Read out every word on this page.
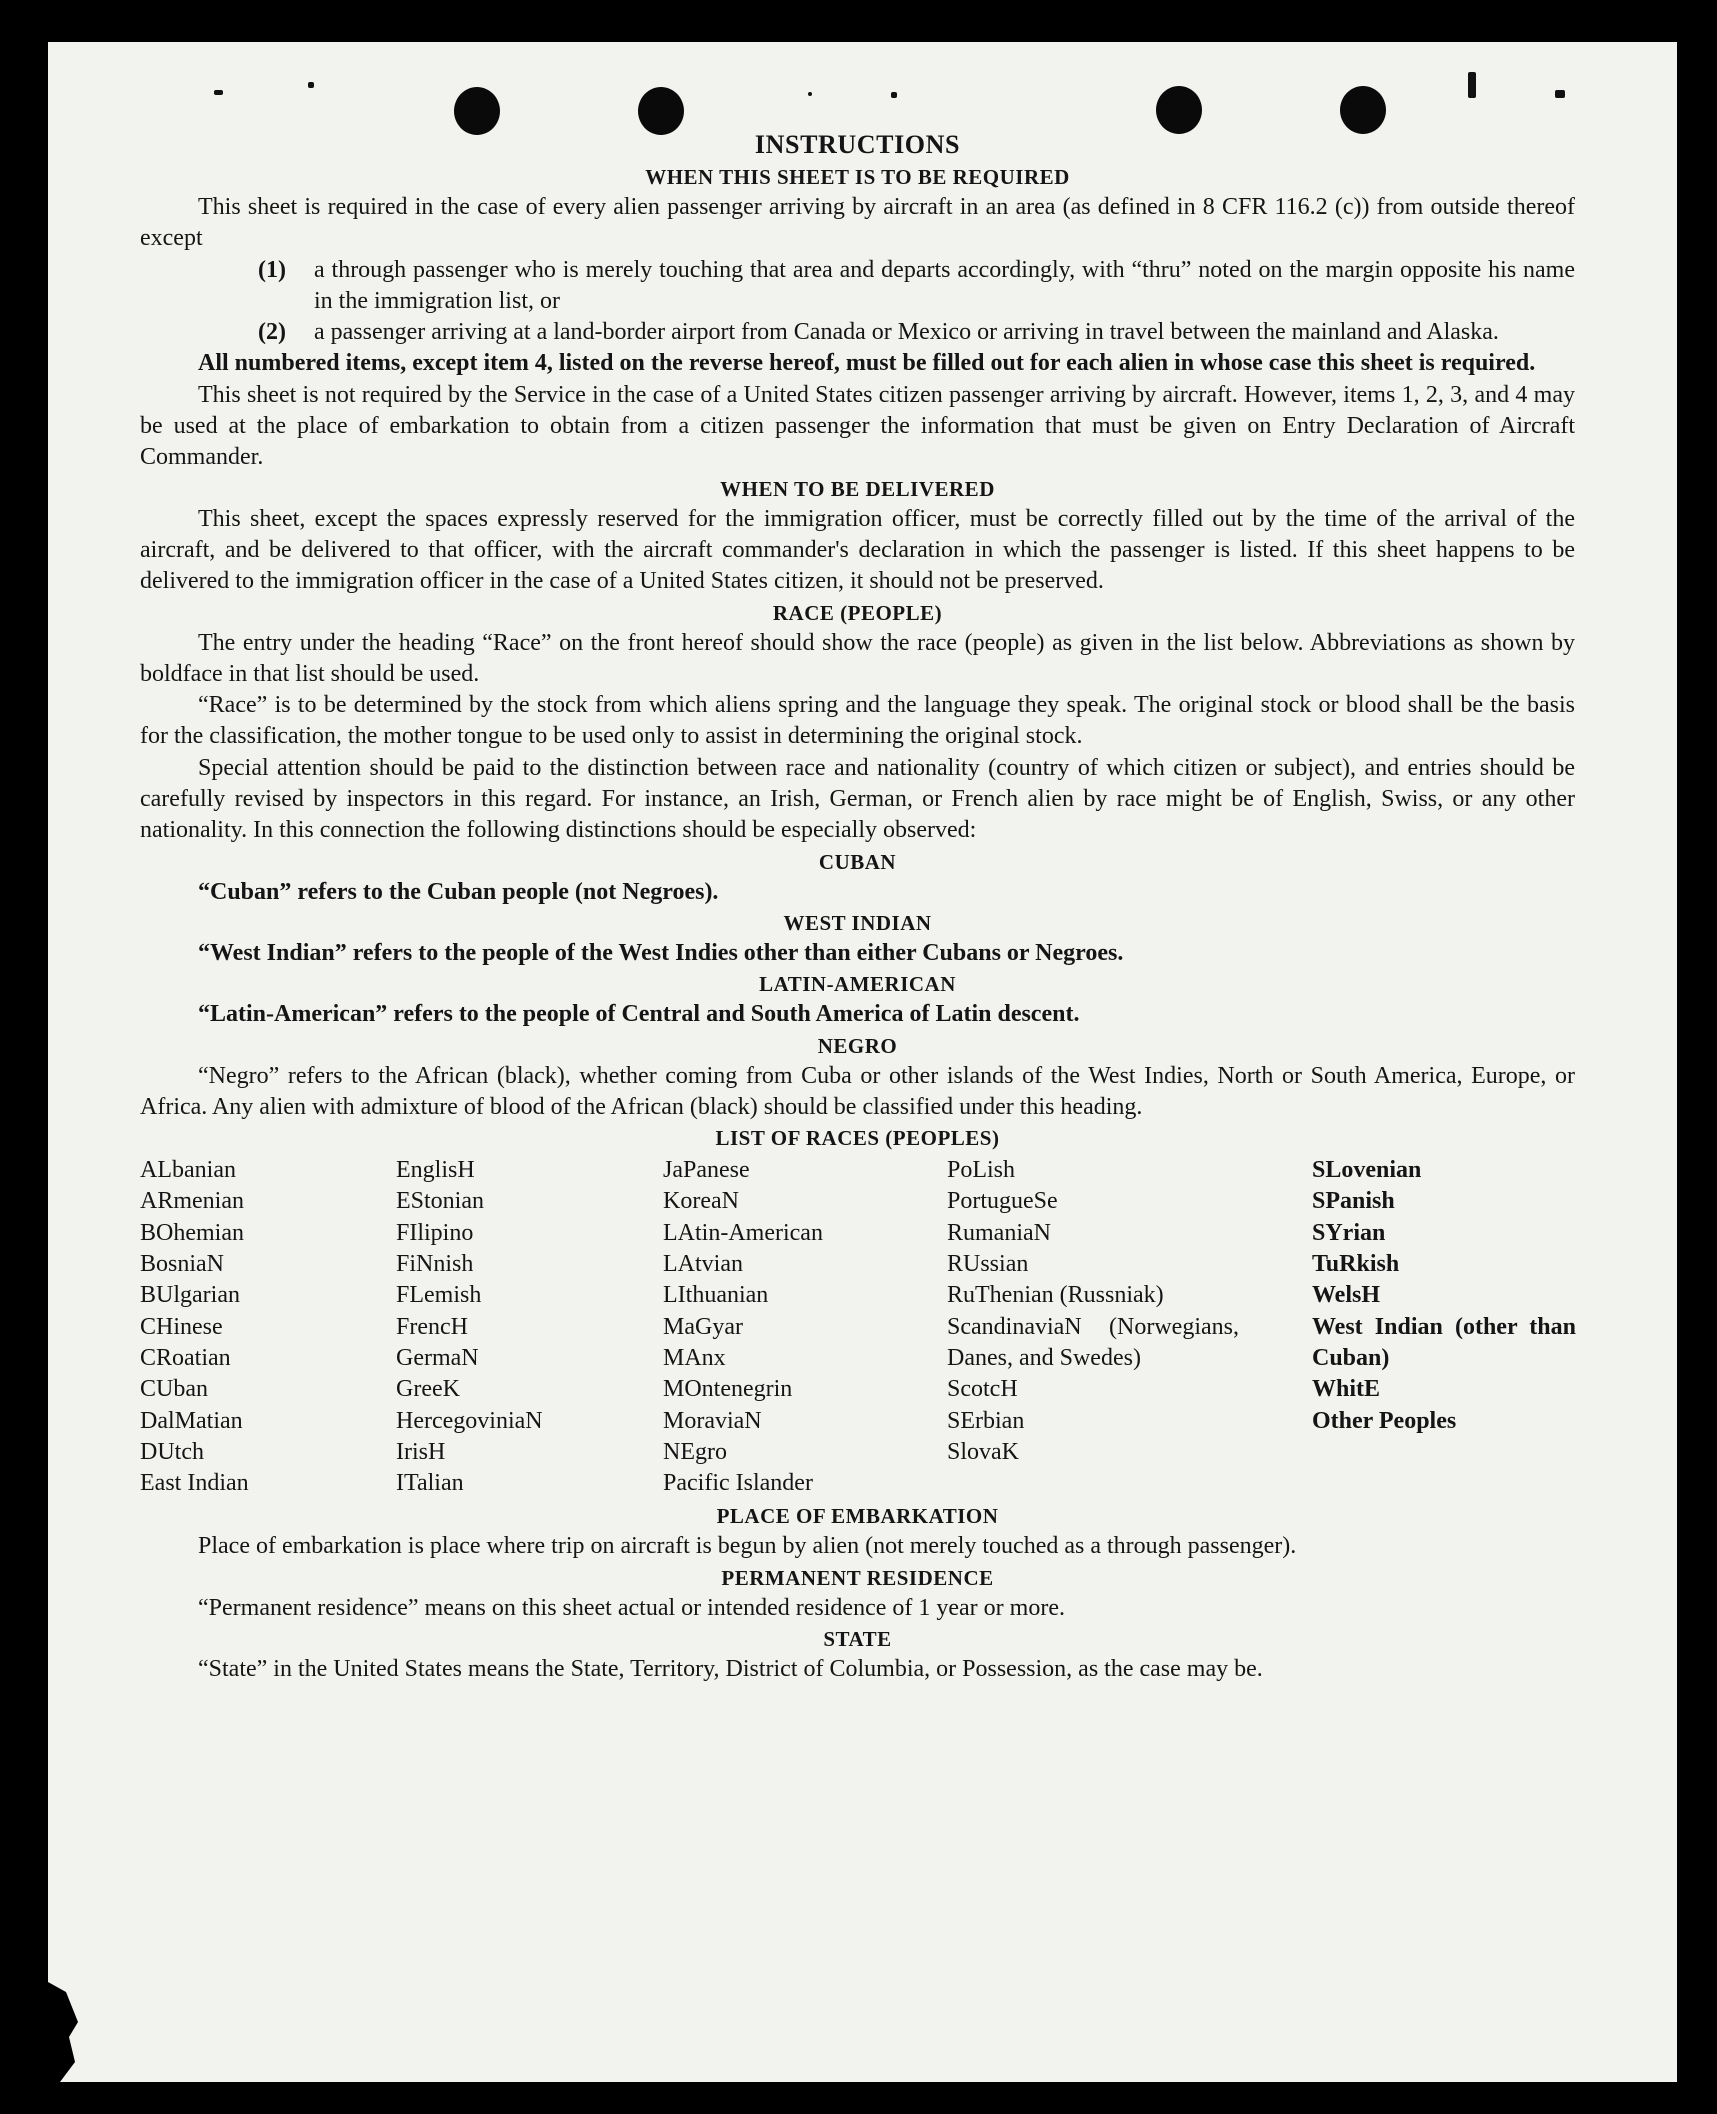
INSTRUCTIONS
WHEN THIS SHEET IS TO BE REQUIRED

This sheet is required in the case of every alien passenger arriving by aircraft in an area (as defined in 8 CFR 116.2 (c)) from outside thereof except

(1)	a through passenger who is merely touching that area and departs accordingly, with “thru” noted on the margin opposite his name in the immigration list, or
(2)	a passenger arriving at a land-border airport from Canada or Mexico or arriving in travel between the mainland and Alaska.

All numbered items, except item 4, listed on the reverse hereof, must be filled out for each alien in whose case this sheet is required.

This sheet is not required by the Service in the case of a United States citizen passenger arriving by aircraft. However, items 1, 2, 3, and 4 may be used at the place of embarkation to obtain from a citizen passenger the information that must be given on Entry Declaration of Aircraft Commander.

WHEN TO BE DELIVERED

This sheet, except the spaces expressly reserved for the immigration officer, must be correctly filled out by the time of the arrival of the aircraft, and be delivered to that officer, with the aircraft commander's declaration in which the passenger is listed. If this sheet happens to be delivered to the immigration officer in the case of a United States citizen, it should not be preserved.

RACE (PEOPLE)

The entry under the heading “Race” on the front hereof should show the race (people) as given in the list below. Abbreviations as shown by boldface in that list should be used.

“Race” is to be determined by the stock from which aliens spring and the language they speak. The original stock or blood shall be the basis for the classification, the mother tongue to be used only to assist in determining the original stock.

Special attention should be paid to the distinction between race and nationality (country of which citizen or subject), and entries should be carefully revised by inspectors in this regard. For instance, an Irish, German, or French alien by race might be of English, Swiss, or any other nationality. In this connection the following distinctions should be especially observed:

CUBAN

“Cuban” refers to the Cuban people (not Negroes).

WEST INDIAN

“West Indian” refers to the people of the West Indies other than either Cubans or Negroes.

LATIN-AMERICAN

“Latin-American” refers to the people of Central and South America of Latin descent.

NEGRO

“Negro” refers to the African (black), whether coming from Cuba or other islands of the West Indies, North or South America, Europe, or Africa. Any alien with admixture of blood of the African (black) should be classified under this heading.

LIST OF RACES (PEOPLES)
ALbanian
ARmenian
BOhemian
BosniaN
BUlgarian
CHinese
CRoatian
CUban
DalMatian
DUtch
East Indian
EnglisH
EStonian
FIlipino
FiNnish
FLemish
FrencH
GermaN
GreeK
HercegoviniaN
IrisH
ITalian
JaPanese
KoreaN
LAtin-American
LAtvian
LIthuanian
MaGyar
MAnx
MOntenegrin
MoraviaN
NEgro
Pacific Islander
PoLish
PortugueSe
RumaniaN
RUssian
RuThenian (Russniak)
ScandinaviaN (Norwegians, Danes, and Swedes)
ScotcH
SErbian
SlovaK
SLovenian
SPanish
SYrian
TuRkish
WelsH
West Indian (other than Cuban)
WhitE
Other Peoples
PLACE OF EMBARKATION

Place of embarkation is place where trip on aircraft is begun by alien (not merely touched as a through passenger).

PERMANENT RESIDENCE

“Permanent residence” means on this sheet actual or intended residence of 1 year or more.

STATE

“State” in the United States means the State, Territory, District of Columbia, or Possession, as the case may be.
